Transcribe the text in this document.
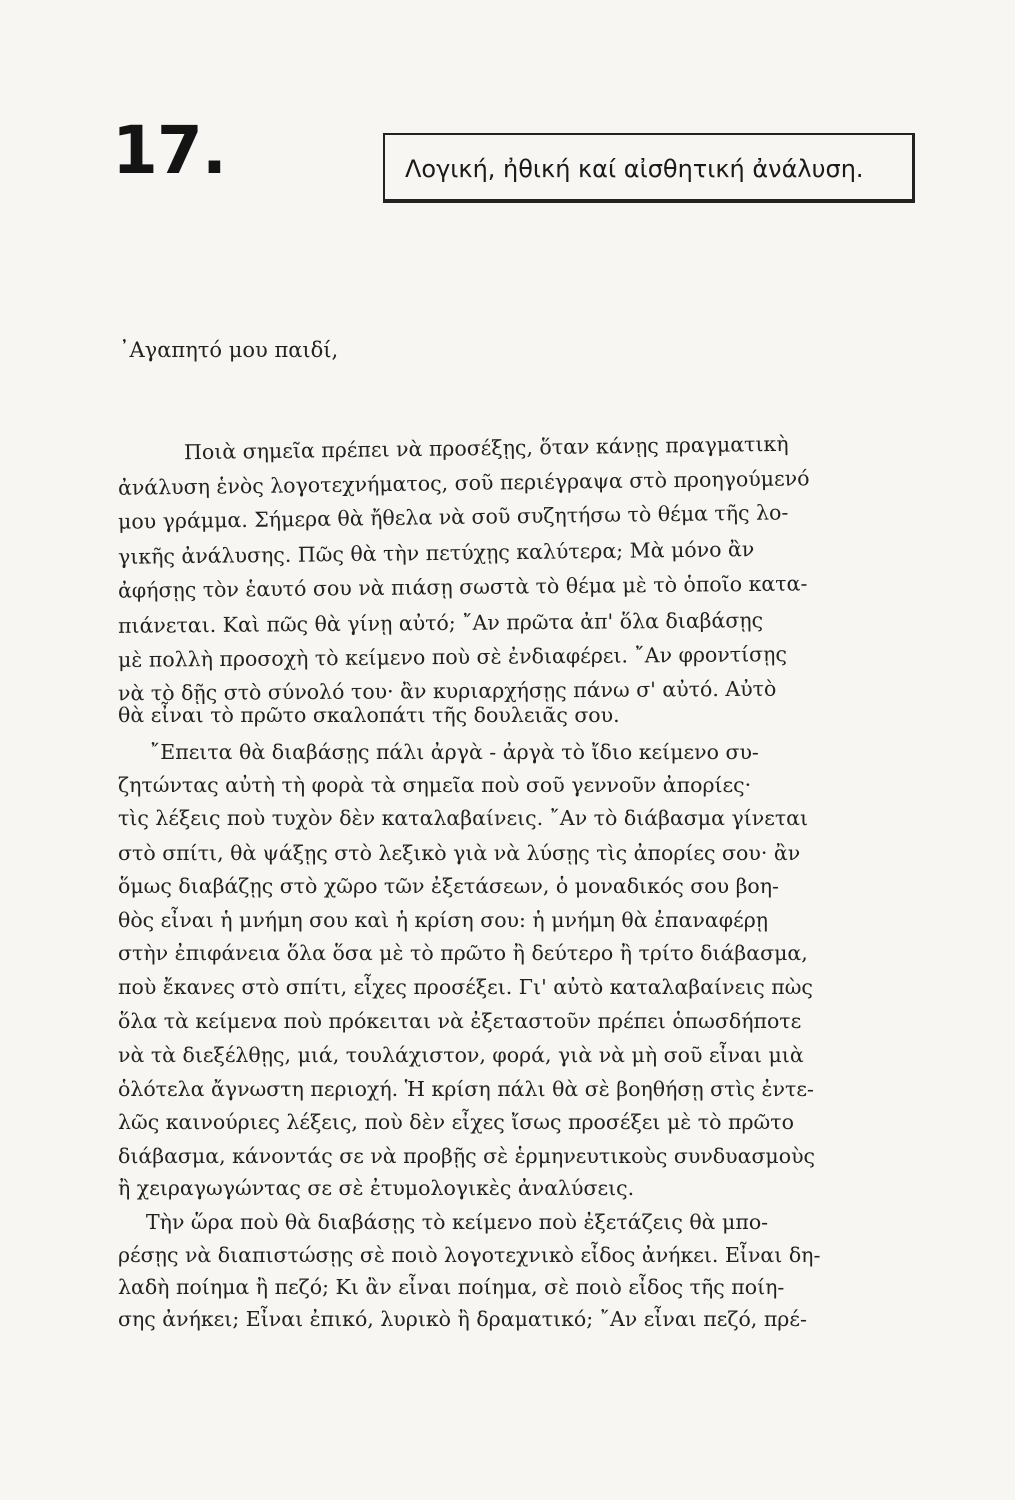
17.	Λογική, ἠθική καί αἰσθητική ἀνάλυση.
᾿Αγαπητό μου παιδί,
Ποιὰ σημεῖα πρέπει νὰ προσέξῃς, ὅταν κάνῃς πραγματικὴ
ἀνάλυση ἑνὸς λογοτεχνήματος, σοῦ περιέγραψα στὸ προηγούμενό
μου γράμμα. Σήμερα θὰ ἤθελα νὰ σοῦ συζητήσω τὸ θέμα τῆς λο-
γικῆς ἀνάλυσης. Πῶς θὰ τὴν πετύχῃς καλύτερα; Μὰ μόνο ἂν
ἀφήσῃς τὸν ἑαυτό σου νὰ πιάσῃ σωστὰ τὸ θέμα μὲ τὸ ὁποῖο κατα-
πιάνεται. Καὶ πῶς θὰ γίνῃ αὐτό; ῎Αν πρῶτα ἀπ' ὅλα διαβάσῃς
μὲ πολλὴ προσοχὴ τὸ κείμενο ποὺ σὲ ἐνδιαφέρει. ῎Αν φροντίσῃς
νὰ τὸ δῇς στὸ σύνολό του· ἂν κυριαρχήσῃς πάνω σ' αὐτό. Αὐτὸ
θὰ εἶναι τὸ πρῶτο σκαλοπάτι τῆς δουλειᾶς σου.
῎Επειτα θὰ διαβάσῃς πάλι ἀργὰ - ἀργὰ τὸ ἴδιο κείμενο συ-
ζητώντας αὐτὴ τὴ φορὰ τὰ σημεῖα ποὺ σοῦ γεννοῦν ἀπορίες·
τὶς λέξεις ποὺ τυχὸν δὲν καταλαβαίνεις. ῎Αν τὸ διάβασμα γίνεται
στὸ σπίτι, θὰ ψάξῃς στὸ λεξικὸ γιὰ νὰ λύσῃς τὶς ἀπορίες σου· ἂν
ὅμως διαβάζῃς στὸ χῶρο τῶν ἐξετάσεων, ὁ μοναδικός σου βοη-
θὸς εἶναι ἡ μνήμη σου καὶ ἡ κρίση σου: ἡ μνήμη θὰ ἐπαναφέρῃ
στὴν ἐπιφάνεια ὅλα ὅσα μὲ τὸ πρῶτο ἢ δεύτερο ἢ τρίτο διάβασμα,
ποὺ ἔκανες στὸ σπίτι, εἶχες προσέξει. Γι' αὐτὸ καταλαβαίνεις πὼς
ὅλα τὰ κείμενα ποὺ πρόκειται νὰ ἐξεταστοῦν πρέπει ὁπωσδήποτε
νὰ τὰ διεξέλθῃς, μιά, τουλάχιστον, φορά, γιὰ νὰ μὴ σοῦ εἶναι μιὰ
ὁλότελα ἄγνωστη περιοχή. Ἡ κρίση πάλι θὰ σὲ βοηθήσῃ στὶς ἐντε-
λῶς καινούριες λέξεις, ποὺ δὲν εἶχες ἴσως προσέξει μὲ τὸ πρῶτο
διάβασμα, κάνοντάς σε νὰ προβῇς σὲ ἑρμηνευτικοὺς συνδυασμοὺς
ἢ χειραγωγώντας σε σὲ ἐτυμολογικὲς ἀναλύσεις.
Τὴν ὥρα ποὺ θὰ διαβάσῃς τὸ κείμενο ποὺ ἐξετάζεις θὰ μπο-
ρέσῃς νὰ διαπιστώσῃς σὲ ποιὸ λογοτεχνικὸ εἶδος ἀνήκει. Εἶναι δη-
λαδὴ ποίημα ἢ πεζό; Κι ἂν εἶναι ποίημα, σὲ ποιὸ εἶδος τῆς ποίη-
σης ἀνήκει; Εἶναι ἐπικό, λυρικὸ ἢ δραματικό; ῎Αν εἶναι πεζό, πρέ-
